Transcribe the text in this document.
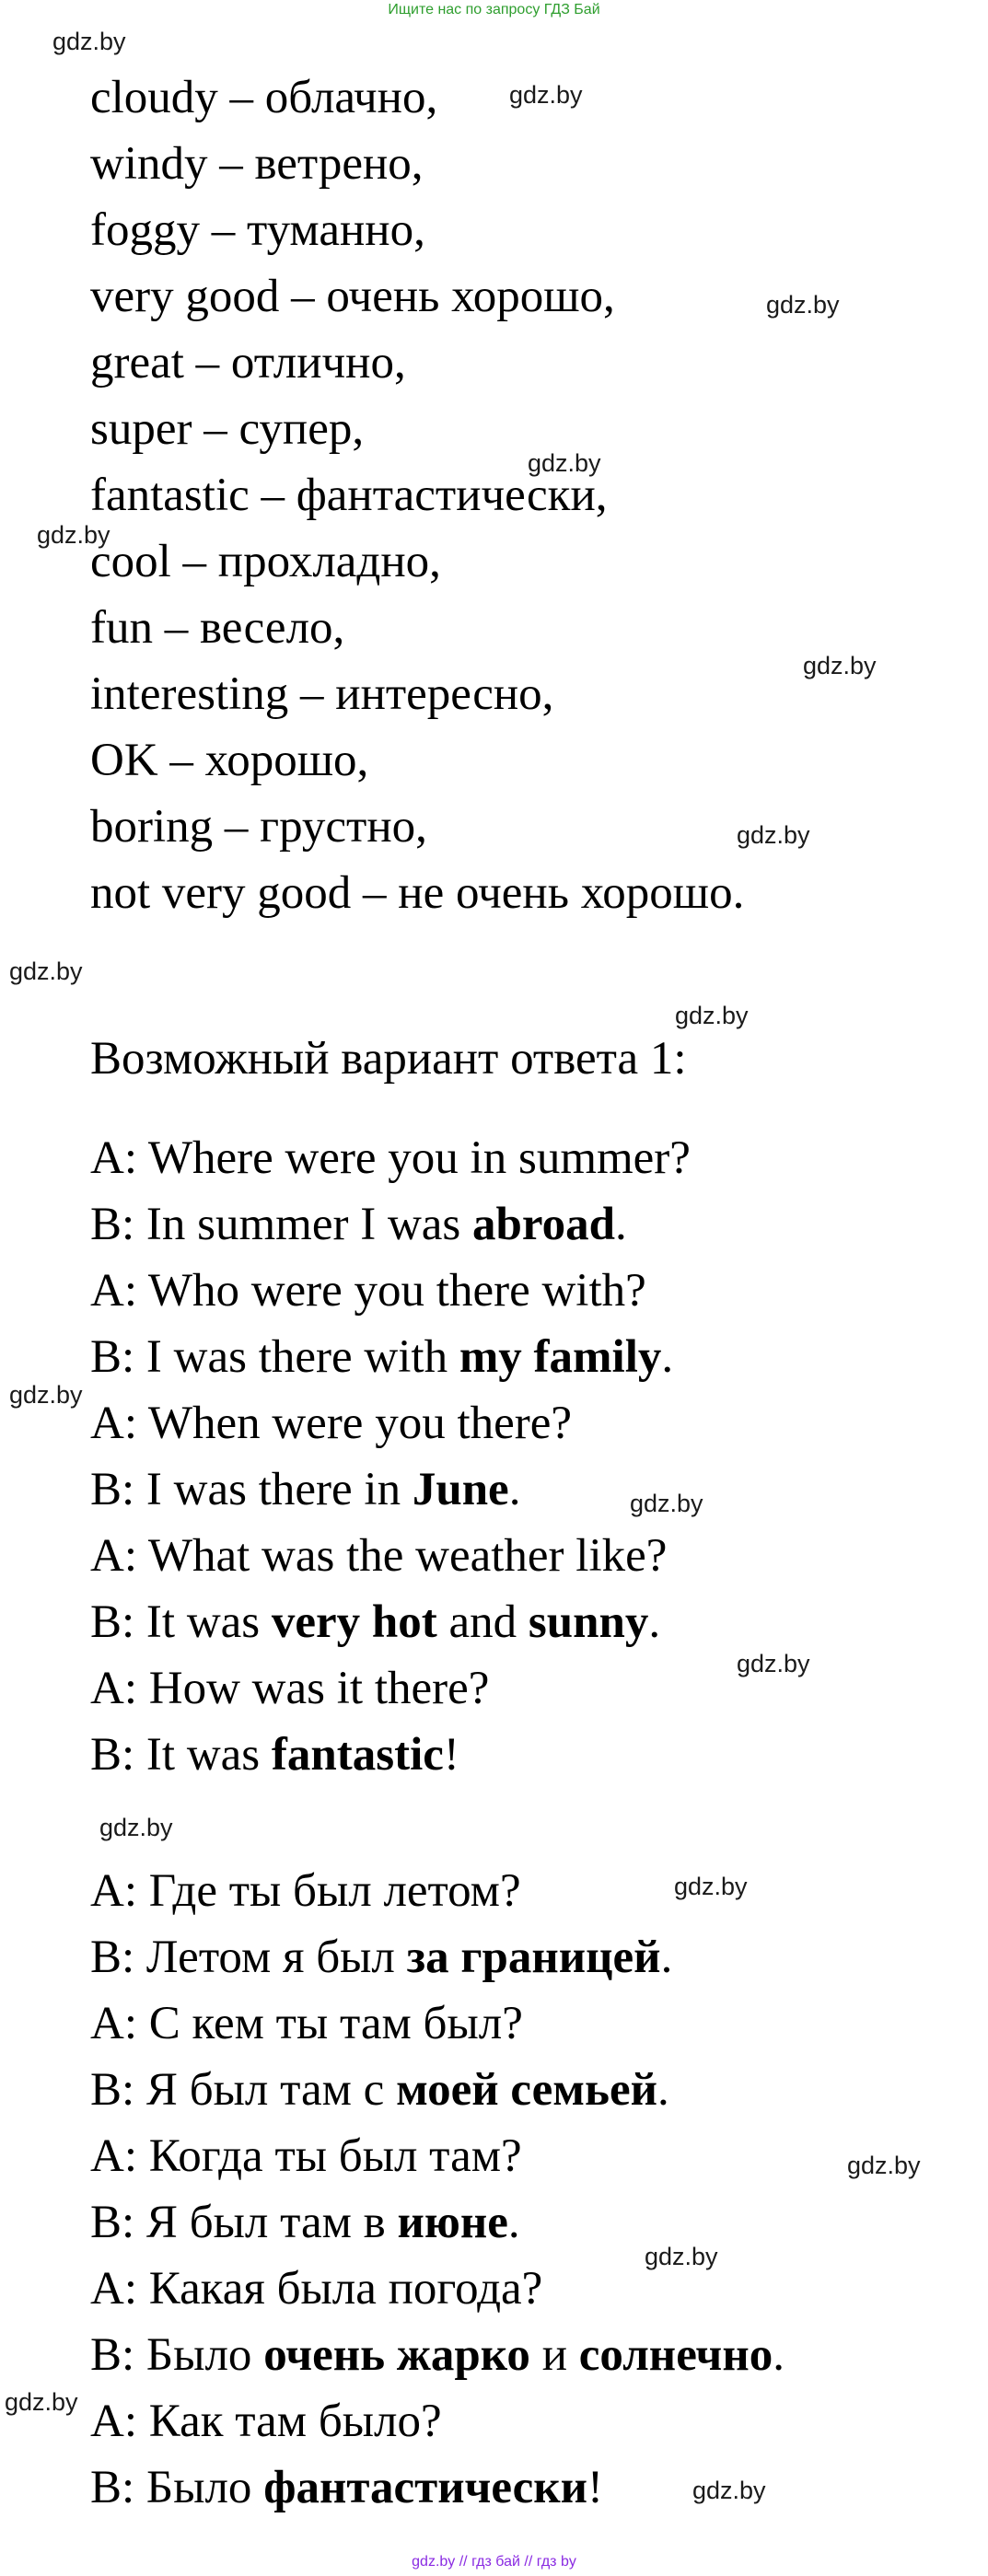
Ищите нас по запросу ГДЗ Бай
gdz.by
gdz.by
gdz.by
gdz.by
gdz.by
gdz.by
gdz.by
gdz.by
gdz.by
gdz.by
gdz.by
gdz.by
gdz.by
gdz.by
gdz.by
gdz.by
gdz.by
gdz.by
cloudy – облачно,
windy – ветрено,
foggy – туманно,
very good – очень хорошо,
great – отлично,
super – супер,
fantastic – фантастически,
cool – прохладно,
fun – весело,
interesting – интересно,
OK – хорошо,
boring – грустно,
not very good – не очень хорошо.
Возможный вариант ответа 1:
A: Where were you in summer?
B: In summer I was abroad.
A: Who were you there with?
B: I was there with my family.
A: When were you there?
B: I was there in June.
A: What was the weather like?
B: It was very hot and sunny.
A: How was it there?
B: It was fantastic!
A: Где ты был летом?
B: Летом я был за границей.
A: С кем ты там был?
B: Я был там с моей семьей.
A: Когда ты был там?
B: Я был там в июне.
A: Какая была погода?
B: Было очень жарко и солнечно.
A: Как там было?
B: Было фантастически!
gdz.by // гдз бай // гдз by
